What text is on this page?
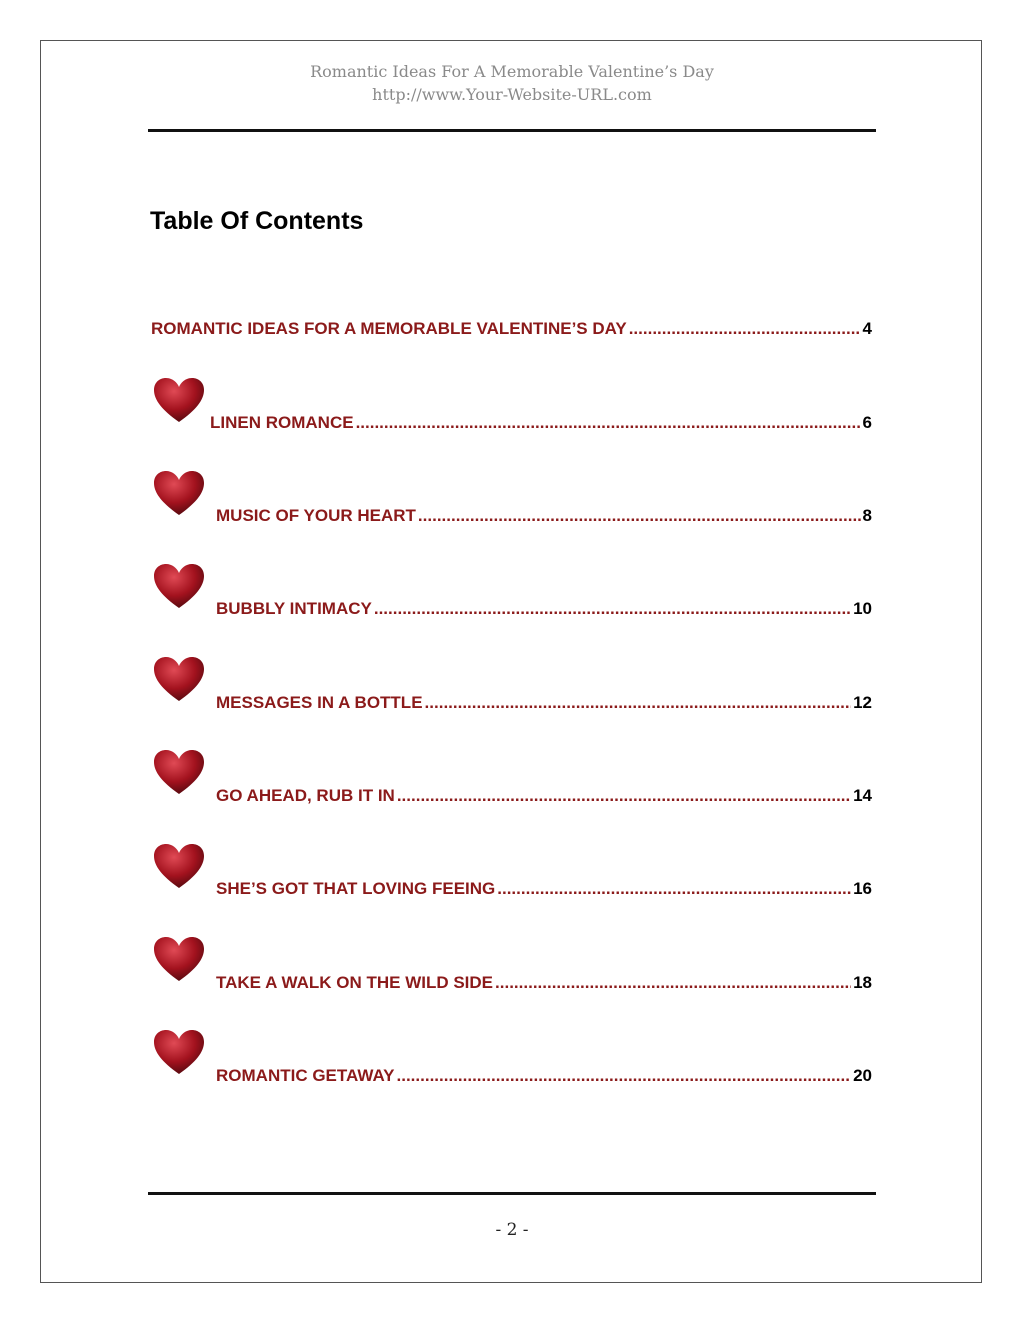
Romantic Ideas For A Memorable Valentine’s Day
http://www.Your-Website-URL.com
Table Of Contents
ROMANTIC IDEAS FOR A MEMORABLE VALENTINE’S DAY .....	4
LINEN ROMANCE .....	6
MUSIC OF YOUR HEART .....	8
BUBBLY INTIMACY .....	10
MESSAGES IN A BOTTLE .....	12
GO AHEAD, RUB IT IN .....	14
SHE’S GOT THAT LOVING FEEING .....	16
TAKE A WALK ON THE WILD SIDE .....	18
ROMANTIC GETAWAY .....	20
- 2 -
